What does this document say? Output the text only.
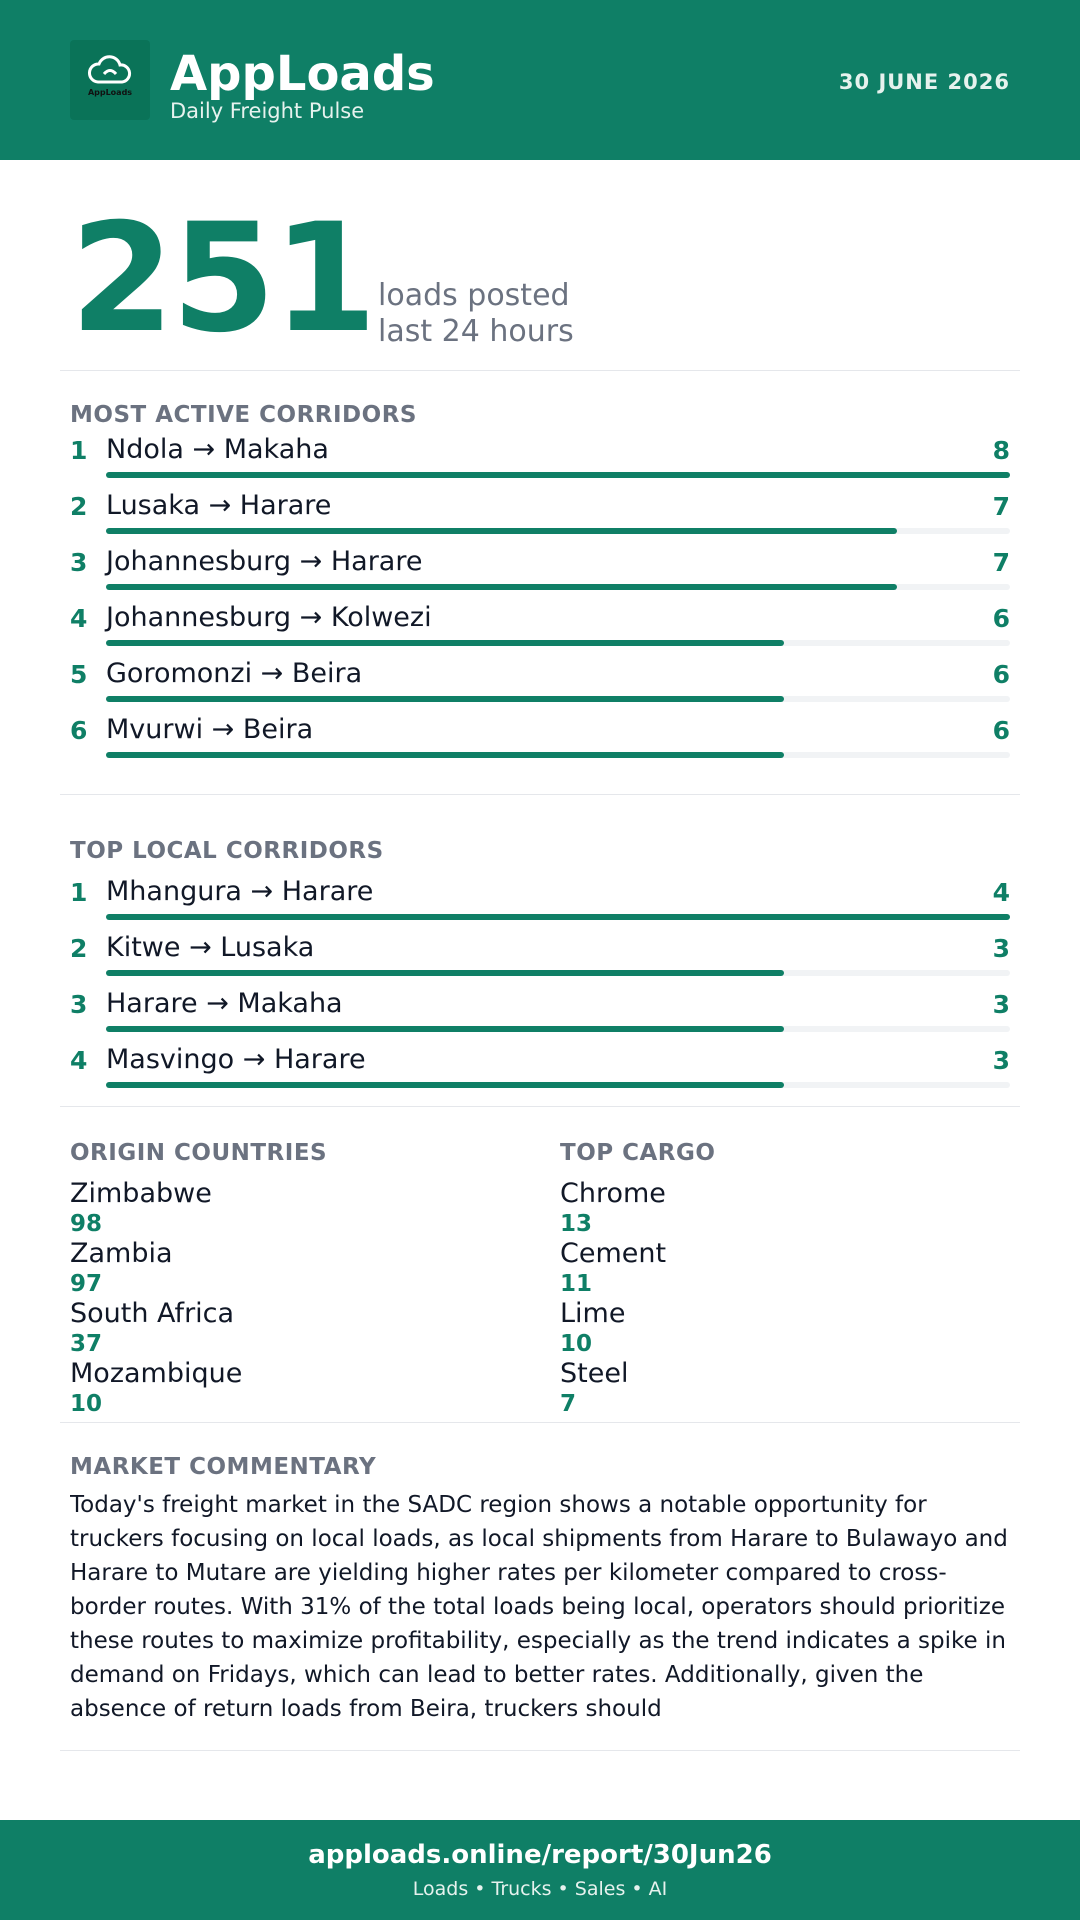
AppLoads AppLoads
Daily Freight Pulse
30 JUNE 2026
251 loads posted
last 24 hours
MOST ACTIVE CORRIDORS
1 Ndola → Makaha	8
2 Lusaka → Harare	7
3 Johannesburg → Harare	7
4 Johannesburg → Kolwezi	6
5 Goromonzi → Beira	6
6 Mvurwi → Beira	6
TOP LOCAL CORRIDORS
1 Mhangura → Harare	4
2 Kitwe → Lusaka	3
3 Harare → Makaha	3
4 Masvingo → Harare	3
ORIGIN COUNTRIES
Zimbabwe
98
Zambia
97
South Africa
37
Mozambique
10
TOP CARGO
Chrome
13
Cement
11
Lime
10
Steel
7
MARKET COMMENTARY
Today's freight market in the SADC region shows a notable opportunity for truckers focusing on local loads, as local shipments from Harare to Bulawayo and Harare to Mutare are yielding higher rates per kilometer compared to cross-border routes. With 31% of the total loads being local, operators should prioritize these routes to maximize profitability, especially as the trend indicates a spike in demand on Fridays, which can lead to better rates. Additionally, given the absence of return loads from Beira, truckers should
apploads.online/report/30Jun26
Loads • Trucks • Sales • AI
